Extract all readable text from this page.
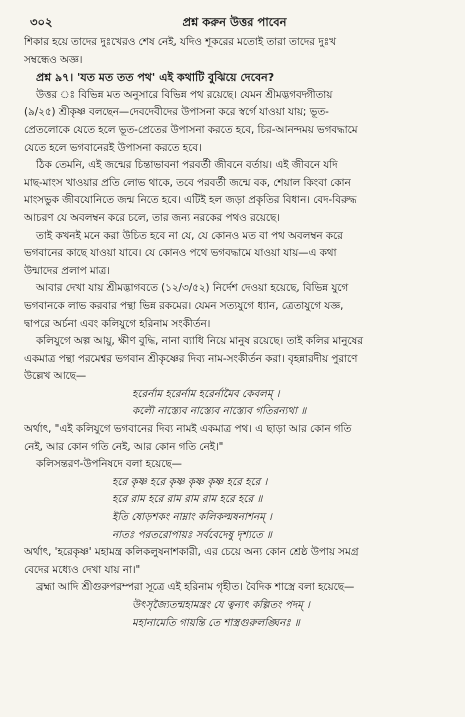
৩০২	প্রশ্ন করুন উত্তর পাবেন
শিকার হয়ে তাদের দুঃখেরও শেষ নেই, যদিও শূকরের মতোই তারা তাদের দুঃখ
সম্বন্ধেও অজ্ঞ।
প্রশ্ন ৯৭। 'যত মত তত পথ' এই কথাটি বুঝিয়ে দেবেন?
উত্তর ঃ বিভিন্ন মত অনুসারে বিভিন্ন পথ রয়েছে। যেমন শ্রীমদ্ভগবদ্গীতায়
(৯/২৫) শ্রীকৃষ্ণ বলছেন—দেবদেবীদের উপাসনা করে স্বর্গে যাওয়া যায়; ভূত-
প্রেতলোকে যেতে হলে ভূত-প্রেতের উপাসনা করতে হবে, চির-আনন্দময় ভগবদ্ধামে
যেতে হলে ভগবানেরই উপাসনা করতে হবে।
ঠিক তেমনি, এই জন্মের চিন্তাভাবনা পরবর্তী জীবনে বর্তায়। এই জীবনে যদি
মাছ-মাংস খাওয়ার প্রতি লোভ থাকে, তবে পরবর্তী জন্মে বক, শেয়াল কিংবা কোন
মাংসভুক জীবযোনিতে জন্ম নিতে হবে। এটিই হল জড়া প্রকৃতির বিধান। বেদ-বিরুদ্ধ
আচরণ যে অবলম্বন করে চলে, তার জন্য নরকের পথও রয়েছে।
তাই কখনই মনে করা উচিত হবে না যে, যে কোনও মত বা পথ অবলম্বন করে
ভগবানের কাছে যাওয়া যাবে। যে কোনও পথে ভগবদ্ধামে যাওয়া যায়—এ কথা
উন্মাদের প্রলাপ মাত্র।
আবার দেখা যায় শ্রীমদ্ভাগবতে (১২/৩/৫২) নির্দেশ দেওয়া হয়েছে, বিভিন্ন যুগে
ভগবানকে লাভ করবার পন্থা ভিন্ন রকমের। যেমন সত্যযুগে ধ্যান, ত্রেতাযুগে যজ্ঞ,
দ্বাপরে অর্চনা এবং কলিযুগে হরিনাম সংকীর্তন।
কলিযুগে অল্প আয়ু, ক্ষীণ বুদ্ধি, নানা ব্যাধি নিয়ে মানুষ রয়েছে। তাই কলির মানুষের
একমাত্র পন্থা পরমেশ্বর ভগবান শ্রীকৃষ্ণের দিব্য নাম-সংকীর্তন করা। বৃহন্নারদীয় পুরাণে
উল্লেখ আছে—
হরের্নাম হরের্নাম হরের্নামৈব কেবলম্ ।
কলৌ নাস্ত্যেব নাস্ত্যেব নাস্ত্যেব গতিরন্যথা ॥
অর্থাৎ, "এই কলিযুগে ভগবানের দিব্য নামই একমাত্র পথ। এ ছাড়া আর কোন গতি
নেই, আর কোন গতি নেই, আর কোন গতি নেই।"
কলিসন্তরণ-উপনিষদে বলা হয়েছে—
হরে কৃষ্ণ হরে কৃষ্ণ কৃষ্ণ কৃষ্ণ হরে হরে ।
হরে রাম হরে রাম রাম রাম হরে হরে ॥
ইতি ষোড়শকং নাম্নাং কলিকল্মষনাশনম্ ।
নাতঃ পরতরোপায়ঃ সর্ববেদেষু দৃশ্যতে ॥
অর্থাৎ, 'হরেকৃষ্ণ' মহামন্ত্র কলিকলুষনাশকারী, এর চেয়ে অন্য কোন শ্রেষ্ঠ উপায় সমগ্র
বেদের মধ্যেও দেখা যায় না।"
ব্রহ্মা আদি শ্রীগুরুপরম্পরা সূত্রে এই হরিনাম গৃহীত। বৈদিক শাস্ত্রে বলা হয়েছে—
উৎসৃজ্যৈতন্মহামন্ত্রং যে ত্বন্যৎ কল্পিতং পদম্ ।
মহানামেতি গায়ন্তি তে শাস্ত্রগুরুলঙ্ঘিনঃ ॥
